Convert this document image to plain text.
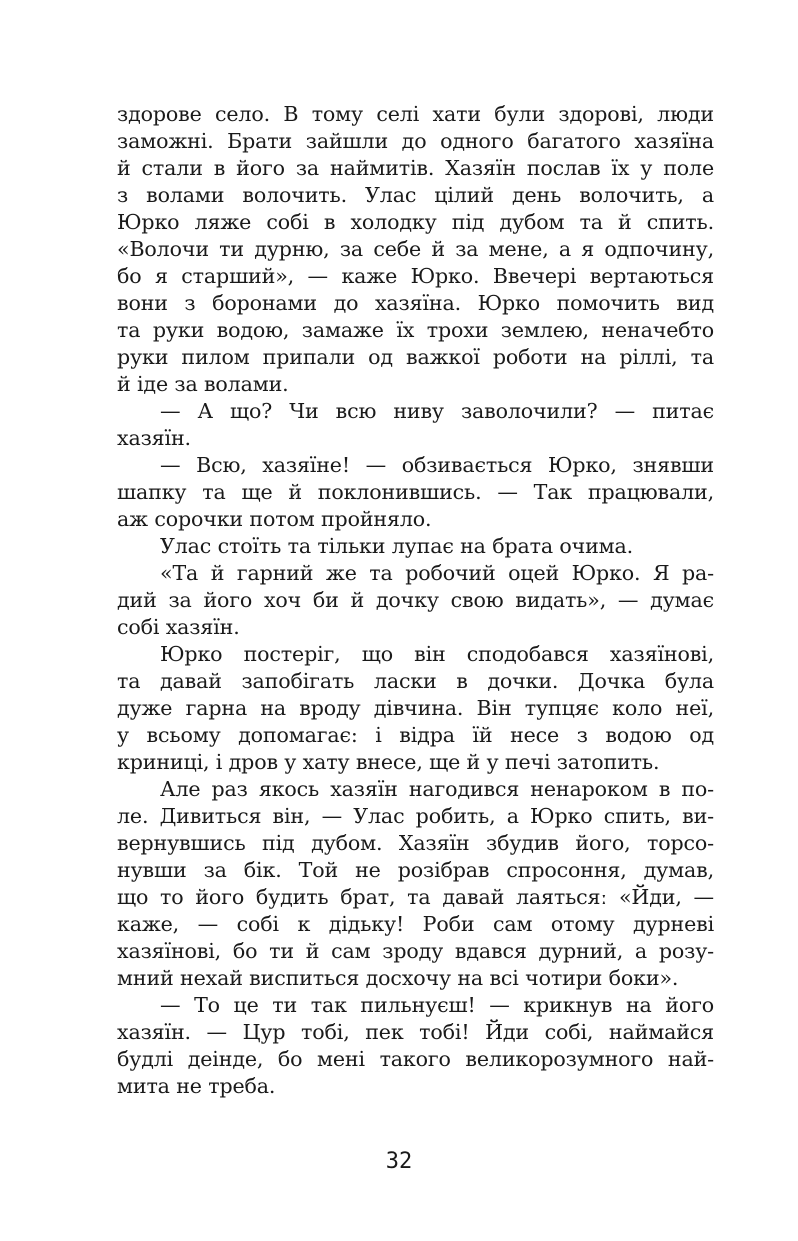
здорове село. В тому селі хати були здорові, люди
заможні. Брати зайшли до одного багатого хазяїна
й стали в його за наймитів. Хазяїн послав їх у поле
з волами волочить. Улас цілий день волочить, а
Юрко ляже собі в холодку під дубом та й спить.
«Волочи ти дурню, за себе й за мене, а я одпочину,
бо я старший», — каже Юрко. Ввечері вертаються
вони з боронами до хазяїна. Юрко помочить вид
та руки водою, замаже їх трохи землею, неначебто
руки пилом припали од важкої роботи на ріллі, та
й іде за волами.
— А що? Чи всю ниву заволочили? — питає
хазяїн.
— Всю, хазяїне! — обзивається Юрко, знявши
шапку та ще й поклонившись. — Так працювали,
аж сорочки потом пройняло.
Улас стоїть та тільки лупає на брата очима.
«Та й гарний же та робочий оцей Юрко. Я ра-
дий за його хоч би й дочку свою видать», — думає
собі хазяїн.
Юрко постеріг, що він сподобався хазяїнові,
та давай запобігать ласки в дочки. Дочка була
дуже гарна на вроду дівчина. Він тупцяє коло неї,
у всьому допомагає: і відра їй несе з водою од
криниці, і дров у хату внесе, ще й у печі затопить.
Але раз якось хазяїн нагодився ненароком в по-
ле. Дивиться він, — Улас робить, а Юрко спить, ви-
вернувшись під дубом. Хазяїн збудив його, торсо-
нувши за бік. Той не розібрав спросоння, думав,
що то його будить брат, та давай лаятьсяː «Йди, —
каже, — собі к дідьку! Роби сам отому дурневі
хазяїнові, бо ти й сам зроду вдався дурний, а розу-
мний нехай виспиться досхочу на всі чотири боки».
— То це ти так пильнуєш! — крикнув на його
хазяїн. — Цур тобі, пек тобі! Йди собі, наймайся
будлі деінде, бо мені такого великорозумного най-
мита не треба.
32
